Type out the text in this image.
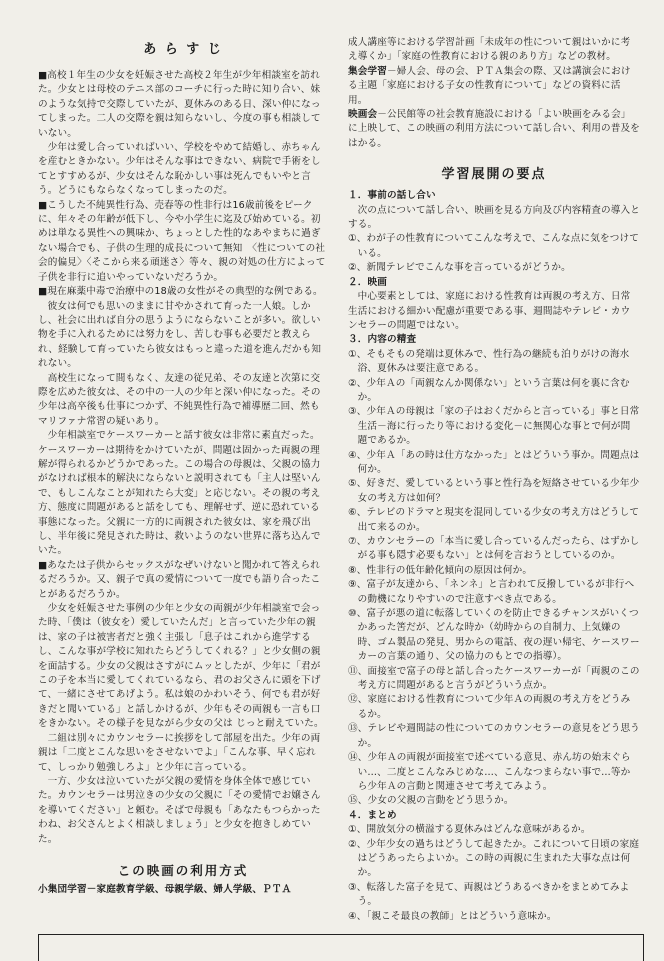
あ ら す じ

■高校１年生の少女を妊娠させた高校２年生が少年相談室を訪れた。少女とは母校のテニス部のコーチに行った時に知り合い、妹のような気持で交際していたが、夏休みのある日、深い仲になってしまった。二人の交際を親は知らないし、今度の事も相談していない。

少年は愛し合っていればいい、学校をやめて結婚し、赤ちゃんを産むときかない。少年はそんな事はできない、病院で手術をしてとすすめるが、少女はそんな恥かしい事は死んでもいやと言う。どうにもならなくなってしまったのだ。

■こうした不純異性行為、売春等の性非行は16歳前後をピークに、年々その年齢が低下し、今や小学生に迄及び始めている。初めは単なる異性への興味か、ちょっとした性的なあやまちに過ぎない場合でも、子供の生理的成長について無知　〈性についての社会的偏見〉〈そこから来る頑迷さ〉等々、親の対処の仕方によって子供を非行に追いやっていないだろうか。

■現在麻薬中毒で治療中の18歳の女性がその典型的な例である。

彼女は何でも思いのままに甘やかされて育った一人娘。しかし、社会に出れば自分の思うようにならないことが多い。欲しい物を手に入れるためには努力をし、苦しむ事も必要だと教えられ、経験して育っていたら彼女はもっと違った道を進んだかも知れない。

高校生になって間もなく、友達の従兄弟、その友達と次第に交際を広めた彼女は、その中の一人の少年と深い仲になった。その少年は高卒後も仕事につかず、不純異性行為で補導歴二回、然もマリファナ常習の疑いあり。

少年相談室でケースワーカーと話す彼女は非常に素直だった。ケースワーカーは期待をかけていたが、問題は固かった両親の理解が得られるかどうかであった。この場合の母親は、父親の協力がなければ根本的解決にならないと説明されても「主人は堅いんで、もしこんなことが知れたら大変」と応じない。その親の考え方、態度に問題があると話をしても、理解せず、逆に恐れている事態になった。父親に一方的に両親された彼女は、家を飛び出し、半年後に発見された時は、救いようのない世界に落ち込んでいた。

■あなたは子供からセックスがなぜいけないと聞かれて答えられるだろうか。又、親子で真の愛情について一度でも語り合ったことがあるだろうか。

少女を妊娠させた事例の少年と少女の両親が少年相談室で会った時、「僕は（彼女を）愛していたんだ」と言っていた少年の親は、家の子は被害者だと強く主張し「息子はこれから進学するし、こんな事が学校に知れたらどうしてくれる？」と少女側の親を面詰する。少女の父親はさすがにムッとしたが、少年に「君がこの子を本当に愛してくれているなら、君のお父さんに頭を下げて、一緒にさせてあげよう。私は娘のかわいそう、何でも君が好きだと聞いている」と話しかけるが、少年もその両親も一言も口をきかない。その様子を見ながら少女の父は じっと耐えていた。

二組は別々にカウンセラーに挨拶をして部屋を出た。少年の両親は「二度とこんな思いをさせないでよ」「こんな事、早く忘れて、しっかり勉強しろよ」と少年に言っている。

一方、少女は泣いていたが父親の愛情を身体全体で感じていた。カウンセラーは男泣きの少女の父親に「その愛情でお嬢さんを導いてください」と頼む。そばで母親も「あなたもつらかったわね、お父さんとよく相談しましょう」と少女を抱きしめていた。

この映画の利用方式

小集団学習－家庭教育学級、母親学級、婦人学級、ＰＴＡ

成人講座等における学習計画「未成年の性について親はいかに考え導くか」「家庭の性教育における親のあり方」などの教材。

集会学習－婦人会、母の会、ＰＴＡ集会の際、又は講演会における主題「家庭における子女の性教育について」などの資料に活用。

映画会－公民館等の社会教育施設における「よい映画をみる会」に上映して、この映画の利用方法について話し合い、利用の普及をはかる。

学習展開の要点

１．事前の話し合い

次の点について話し合い、映画を見る方向及び内容精査の導入とする。

①、わが子の性教育についてこんな考えで、こんな点に気をつけている。

②、新聞テレビでこんな事を言っているがどうか。

２．映画

中心要素としては、家庭における性教育は両親の考え方、日常生活における細かい配慮が重要である事、週間誌やテレビ・カウンセラーの問題ではない。

３．内容の精査

①、そもそもの発端は夏休みで、性行為の継続も泊りがけの海水浴、夏休みは要注意である。

②、少年Ａの「両親なんか関係ない」という言葉は何を裏に含むか。

③、少年Ａの母親は「家の子はおくだからと言っている」事と日常生活－海に行ったり等における変化－に無関心な事とで何が問題であるか。

④、少年Ａ「あの時は仕方なかった」とはどういう事か。問題点は何か。

⑤、好きだ、愛しているという事と性行為を短絡させている少年少女の考え方は如何？

⑥、テレビのドラマと現実を混同している少女の考え方はどうして出て来るのか。

⑦、カウンセラーの「本当に愛し合っているんだったら、はずかしがる事も隠す必要もない」とは何を言おうとしているのか。

⑧、性非行の低年齢化傾向の原因は何か。

⑨、富子が友達から、「ネンネ」と言われて反撥しているが非行への動機になりやすいので注意すべき点である。

⑩、富子が悪の道に転落していくのを防止できるチャンスがいくつかあった筈だが、どんな時か（幼時からの自制力、上気嫌の時、ゴム製品の発見、男からの電話、夜の遅い帰宅、ケースワーカーの言葉の通り、父の協力のもとでの指導）。

⑪、面接室で富子の母と話し合ったケースワーカーが「両親のこの考え方に問題があると言うがどういう点か。

⑫、家庭における性教育について少年Ａの両親の考え方をどうみるか。

⑬、テレビや週間誌の性についてのカウンセラーの意見をどう思うか。

⑭、少年Ａの両親が面接室で述べている意見、赤ん坊の始末ぐらい…、二度とこんなみじめな…、こんなつまらない事で…等から少年Ａの言動と関連させて考えてみよう。

⑮、少女の父親の言動をどう思うか。

４．まとめ

①、開放気分の横溢する夏休みはどんな意味があるか。

②、少年少女の過ちはどうして起きたか。これについて日頃の家庭はどうあったらよいか。この時の両親に生まれた大事な点は何か。

③、転落した富子を見て、両親はどうあるべきかをまとめてみよう。

④、「親こそ最良の教師」とはどういう意味か。
